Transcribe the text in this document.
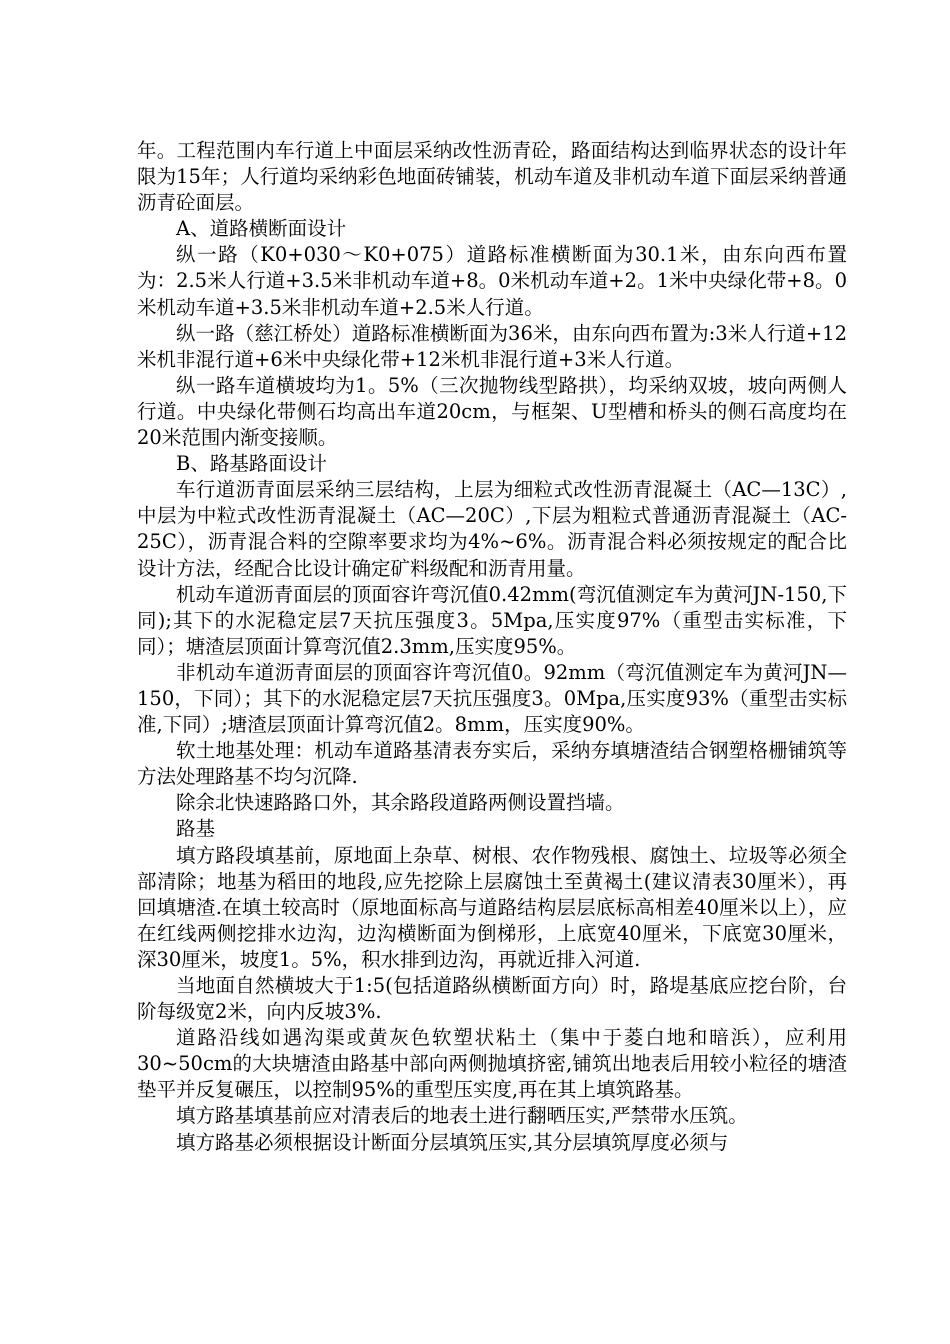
年。工程范围内车行道上中面层采纳改性沥青砼，路面结构达到临界状态的设计年限为15年；人行道均采纳彩色地面砖铺装，机动车道及非机动车道下面层采纳普通沥青砼面层。

A、道路横断面设计

纵一路（K0+030～K0+075）道路标准横断面为30.1米，由东向西布置为：2.5米人行道+3.5米非机动车道+8。0米机动车道+2。1米中央绿化带+8。0米机动车道+3.5米非机动车道+2.5米人行道。

纵一路（慈江桥处）道路标准横断面为36米，由东向西布置为:3米人行道+12米机非混行道+6米中央绿化带+12米机非混行道+3米人行道。

纵一路车道横坡均为1。5%（三次抛物线型路拱），均采纳双坡，坡向两侧人行道。中央绿化带侧石均高出车道20cm，与框架、U型槽和桥头的侧石高度均在20米范围内渐变接顺。

B、路基路面设计

车行道沥青面层采纳三层结构，上层为细粒式改性沥青混凝土（AC—13C）,中层为中粒式改性沥青混凝土（AC—20C）,下层为粗粒式普通沥青混凝土（AC-25C），沥青混合料的空隙率要求均为4%~6%。沥青混合料必须按规定的配合比设计方法，经配合比设计确定矿料级配和沥青用量。

机动车道沥青面层的顶面容许弯沉值0.42mm(弯沉值测定车为黄河JN-150,下同);其下的水泥稳定层7天抗压强度3。5Mpa,压实度97%（重型击实标准，下同）；塘渣层顶面计算弯沉值2.3mm,压实度95%。

非机动车道沥青面层的顶面容许弯沉值0。92mm（弯沉值测定车为黄河JN—150，下同）；其下的水泥稳定层7天抗压强度3。0Mpa,压实度93%（重型击实标准,下同）;塘渣层顶面计算弯沉值2。8mm，压实度90%。

软土地基处理：机动车道路基清表夯实后，采纳夯填塘渣结合钢塑格栅铺筑等方法处理路基不均匀沉降.

除余北快速路路口外，其余路段道路两侧设置挡墙。

路基

填方路段填基前，原地面上杂草、树根、农作物残根、腐蚀土、垃圾等必须全部清除；地基为稻田的地段,应先挖除上层腐蚀土至黄褐土(建议清表30厘米），再回填塘渣.在填土较高时（原地面标高与道路结构层层底标高相差40厘米以上），应在红线两侧挖排水边沟，边沟横断面为倒梯形，上底宽40厘米，下底宽30厘米，深30厘米，坡度1。5%，积水排到边沟，再就近排入河道.

当地面自然横坡大于1:5(包括道路纵横断面方向）时，路堤基底应挖台阶，台阶每级宽2米，向内反坡3%.

道路沿线如遇沟渠或黄灰色软塑状粘土（集中于菱白地和暗浜），应利用30~50cm的大块塘渣由路基中部向两侧抛填挤密,铺筑出地表后用较小粒径的塘渣垫平并反复碾压，以控制95%的重型压实度,再在其上填筑路基。

填方路基填基前应对清表后的地表土进行翻晒压实,严禁带水压筑。

填方路基必须根据设计断面分层填筑压实,其分层填筑厚度必须与
